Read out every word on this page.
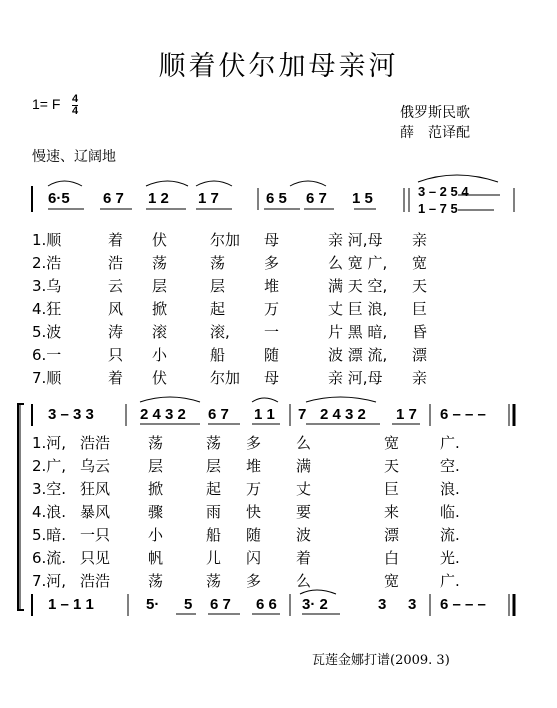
顺着伏尔加母亲河
1= F $\frac{4}{4}$	俄罗斯民歌
薛　范译配
慢速、辽阔地
6·5 6 7 1 2 1 7	6 5 6 7 1 5	3 – 2 5 4
1 – 7 5
1.顺	着 伏	尔加 母	亲 河,母 亲
2.浩	浩 荡	荡	多	么 宽 广, 宽
3.乌	云 层	层	堆	满 天 空, 天
4.狂	风 掀	起	万	丈 巨 浪, 巨
5.波	涛 滚	滚, 一	片 黑 暗, 昏
6.一	只 小	船	随	波 漂 流, 漂
7.顺	着 伏	尔加 母	亲 河,母 亲
3 – 3 3	2 4 3 2 6 7 1 1 7 2 4 3 2 1 7 6 – – –
1.河, 浩浩	荡	荡 多 么	宽	广.
2.广, 乌云	层	层 堆 满	天	空.
3.空. 狂风	掀	起 万 丈	巨	浪.
4.浪. 暴风	骤	雨 快 要	来	临.
5.暗. 一只	小	船 随 波	漂	流.
6.流. 只见	帆	儿 闪 着	白	光.
7.河, 浩浩	荡	荡 多 么	宽	广.
1 – 1 1	5· 5 6 7 6 6 3· 2	3 3 6 – – –
瓦莲金娜打谱(2009. 3)
